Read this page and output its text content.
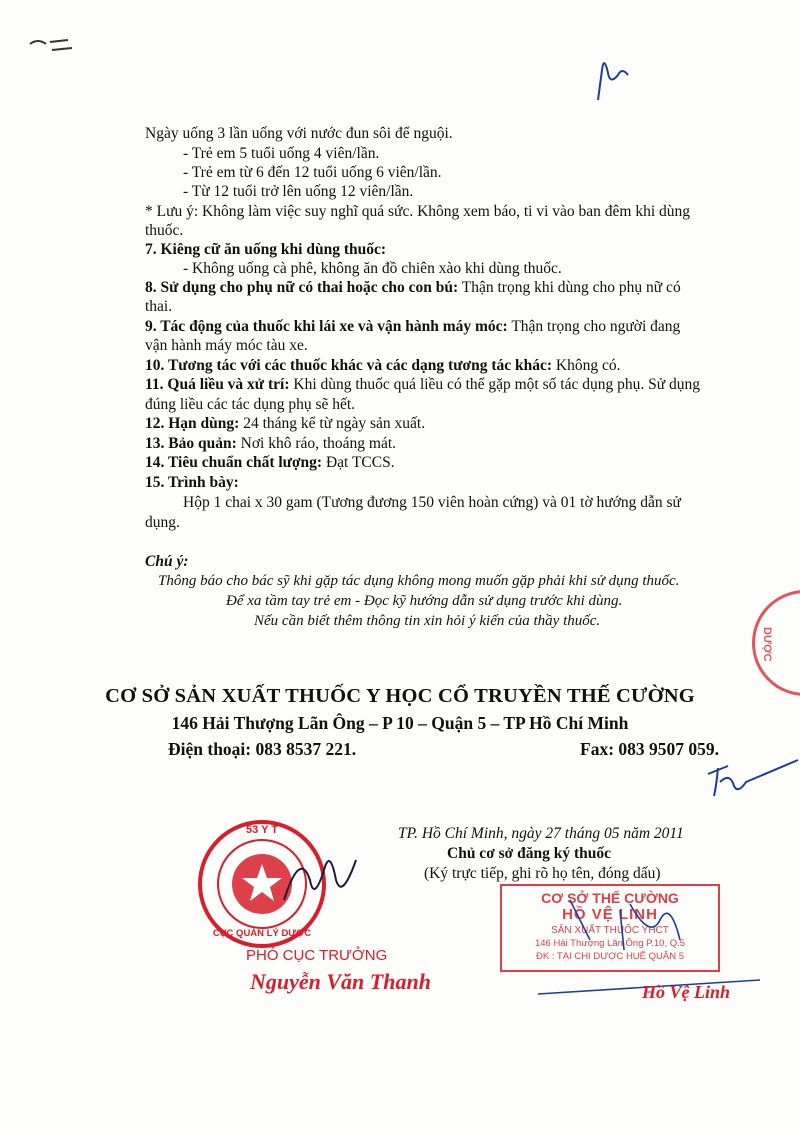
Ngày uống 3 lần uống với nước đun sôi để nguội.
- Trẻ em 5 tuổi uống 4 viên/lần.
- Trẻ em từ 6 đến 12 tuổi uống 6 viên/lần.
- Từ 12 tuổi trở lên uống 12 viên/lần.
* Lưu ý: Không làm việc suy nghĩ quá sức. Không xem báo, ti vi vào ban đêm khi dùng
thuốc.
7. Kiêng cữ ăn uống khi dùng thuốc:
- Không uống cà phê, không ăn đồ chiên xào khi dùng thuốc.
8. Sử dụng cho phụ nữ có thai hoặc cho con bú: Thận trọng khi dùng cho phụ nữ có
thai.
9. Tác động của thuốc khi lái xe và vận hành máy móc: Thận trọng cho người đang
vận hành máy móc tàu xe.
10. Tương tác với các thuốc khác và các dạng tương tác khác: Không có.
11. Quá liều và xử trí: Khi dùng thuốc quá liều có thể gặp một số tác dụng phụ. Sử dụng
đúng liều các tác dụng phụ sẽ hết.
12. Hạn dùng: 24 tháng kể từ ngày sản xuất.
13. Bảo quản: Nơi khô ráo, thoáng mát.
14. Tiêu chuẩn chất lượng: Đạt TCCS.
15. Trình bày:
Hộp 1 chai x 30 gam (Tương đương 150 viên hoàn cứng) và 01 tờ hướng dẫn sử
dụng.
Chú ý:
Thông báo cho bác sỹ khi gặp tác dụng không mong muốn gặp phải khi sử dụng thuốc.
Để xa tầm tay trẻ em - Đọc kỹ hướng dẫn sử dụng trước khi dùng.
Nếu cần biết thêm thông tin xin hỏi ý kiến của thầy thuốc.
DƯỢC
CƠ SỞ SẢN XUẤT THUỐC Y HỌC CỔ TRUYỀN THẾ CƯỜNG
146 Hải Thượng Lãn Ông – P 10 – Quận 5 – TP Hồ Chí Minh
Điện thoại: 083 8537 221.	Fax: 083 9507 059.
TP. Hồ Chí Minh, ngày 27 tháng 05 năm 2011
Chủ cơ sở đăng ký thuốc
(Ký trực tiếp, ghi rõ họ tên, đóng dấu)
53 Y T
CỤC QUẢN LÝ DƯỢC
PHÓ CỤC TRƯỞNG
Nguyễn Văn Thanh
CƠ SỞ THẾ CƯỜNG
HỒ VỆ LINH
SẢN XUẤT THUỐC YHCT
146 Hải Thượng Lãn Ông P.10, Q.5
ĐK : TẠI CHI DƯỢC HUẾ QUẬN 5
Hồ Vệ Linh
